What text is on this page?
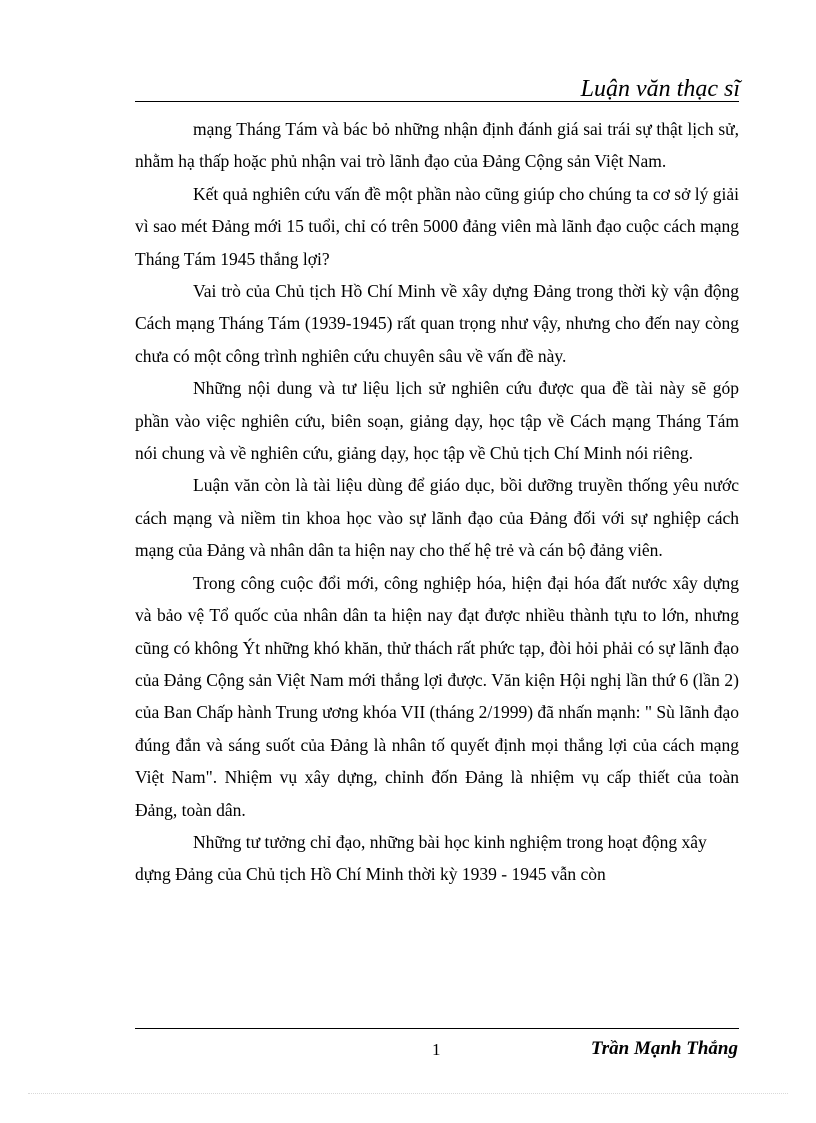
Luận văn thạc sĩ

mạng Tháng Tám và bác bỏ những nhận định đánh giá sai trái sự thật lịch sử, nhằm hạ thấp hoặc phủ nhận vai trò lãnh đạo của Đảng Cộng sản Việt Nam.

Kết quả nghiên cứu vấn đề một phần nào cũng giúp cho chúng ta cơ sở lý giải vì sao mét Đảng mới 15 tuổi, chỉ có trên 5000 đảng viên mà lãnh đạo cuộc cách mạng Tháng Tám 1945 thắng lợi?

Vai trò của Chủ tịch Hồ Chí Minh về xây dựng Đảng trong thời kỳ vận động Cách mạng Tháng Tám (1939-1945) rất quan trọng như vậy, nhưng cho đến nay còng chưa có một công trình nghiên cứu chuyên sâu về vấn đề này.

Những nội dung và tư liệu lịch sử nghiên cứu được qua đề tài này sẽ góp phần vào việc nghiên cứu, biên soạn, giảng dạy, học tập về Cách mạng Tháng Tám nói chung và về nghiên cứu, giảng dạy, học tập về Chủ tịch Chí Minh nói riêng.

Luận văn còn là tài liệu dùng để giáo dục, bồi dưỡng truyền thống yêu nước cách mạng và niềm tin khoa học vào sự lãnh đạo của Đảng đối với sự nghiệp cách mạng của Đảng và nhân dân ta hiện nay cho thế hệ trẻ và cán bộ đảng viên.

Trong công cuộc đổi mới, công nghiệp hóa, hiện đại hóa đất nước xây dựng và bảo vệ Tổ quốc của nhân dân ta hiện nay đạt được nhiều thành tựu to lớn, nhưng cũng có không Ýt những khó khăn, thử thách rất phức tạp, đòi hỏi phải có sự lãnh đạo của Đảng Cộng sản Việt Nam mới thắng lợi được. Văn kiện Hội nghị lần thứ 6 (lần 2) của Ban Chấp hành Trung ương khóa VII (tháng 2/1999) đã nhấn mạnh: " Sù lãnh đạo đúng đắn và sáng suốt của Đảng là nhân tố quyết định mọi thắng lợi của cách mạng Việt Nam". Nhiệm vụ xây dựng, chỉnh đốn Đảng là nhiệm vụ cấp thiết của toàn Đảng, toàn dân.

Những tư tưởng chỉ đạo, những bài học kinh nghiệm trong hoạt động xây dựng Đảng của Chủ tịch Hồ Chí Minh thời kỳ 1939 - 1945 vẫn còn

1	Trần Mạnh Thắng
